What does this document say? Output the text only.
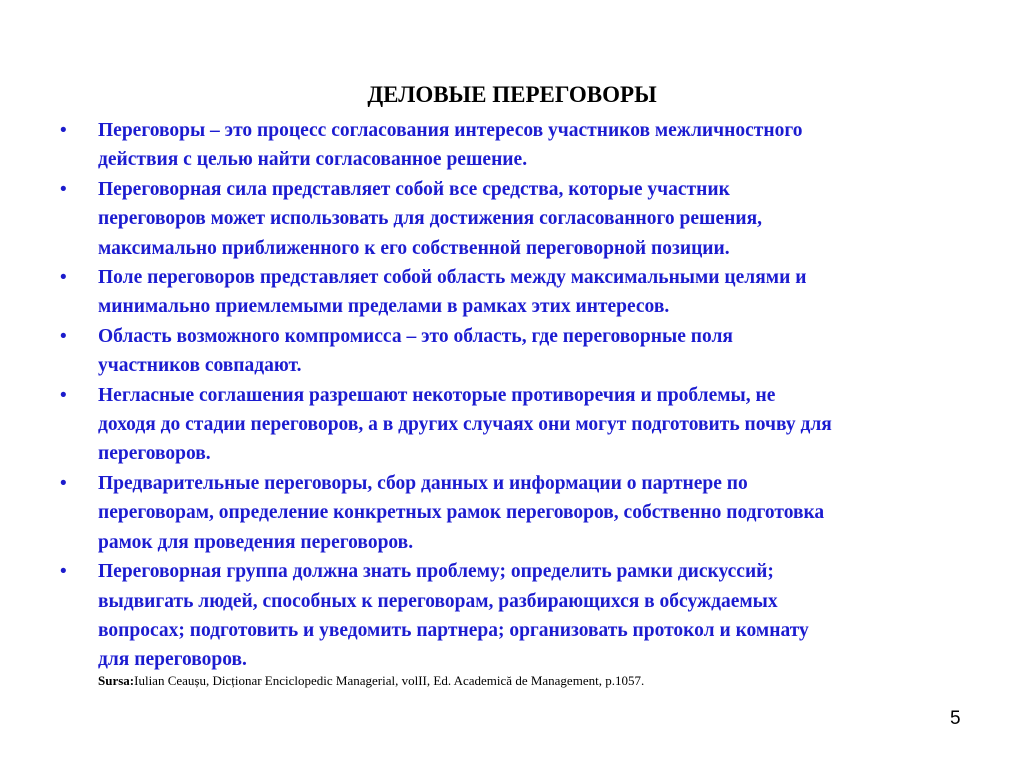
ДЕЛОВЫЕ ПЕРЕГОВОРЫ
• Переговоры – это процесс согласования интересов участников межличностного
действия с целью найти согласованное решение.
• Переговорная сила представляет собой все средства, которые участник
переговоров может использовать для достижения согласованного решения,
максимально приближенного к его собственной переговорной позиции.
• Поле переговоров представляет собой область между максимальными целями и
минимально приемлемыми пределами в рамках этих интересов.
• Область возможного компромисса – это область, где переговорные поля
участников совпадают.
• Негласные соглашения разрешают некоторые противоречия и проблемы, не
доходя до стадии переговоров, а в других случаях они могут подготовить почву для
переговоров.
• Предварительные переговоры, сбор данных и информации о партнере по
переговорам, определение конкретных рамок переговоров, собственно подготовка
рамок для проведения переговоров.
• Переговорная группа должна знать проблему; определить рамки дискуссий;
выдвигать людей, способных к переговорам, разбирающихся в обсуждаемых
вопросах; подготовить и уведомить партнера; организовать протокол и комнату
для переговоров.
Sursa:Iulian Ceaușu, Dicționar Enciclopedic Managerial, volII, Ed. Academică de Management, p.1057.
5
